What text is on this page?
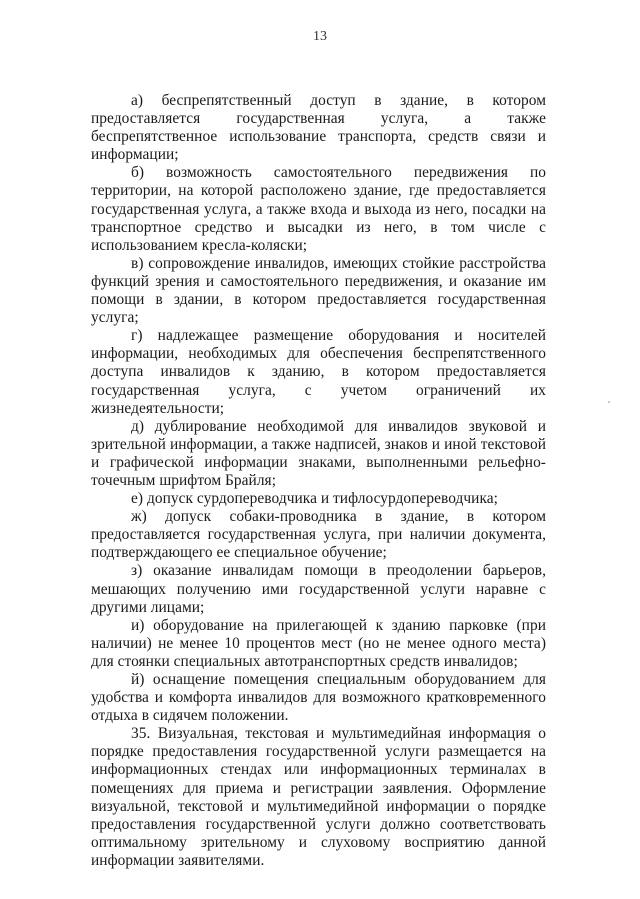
13

а) беспрепятственный доступ в здание, в котором предоставляется государственная услуга, а также беспрепятственное использование транспорта, средств связи и информации;

б) возможность самостоятельного передвижения по территории, на которой расположено здание, где предоставляется государственная услуга, а также входа и выхода из него, посадки на транспортное средство и высадки из него, в том числе с использованием кресла-коляски;

в) сопровождение инвалидов, имеющих стойкие расстройства функций зрения и самостоятельного передвижения, и оказание им помощи в здании, в котором предоставляется государственная услуга;

г) надлежащее размещение оборудования и носителей информации, необходимых для обеспечения беспрепятственного доступа инвалидов к зданию, в котором предоставляется государственная услуга, с учетом ограничений их жизнедеятельности;

д) дублирование необходимой для инвалидов звуковой и зрительной информации, а также надписей, знаков и иной текстовой и графической информации знаками, выполненными рельефно-точечным шрифтом Брайля;

е) допуск сурдопереводчика и тифлосурдопереводчика;

ж) допуск собаки-проводника в здание, в котором предоставляется государственная услуга, при наличии документа, подтверждающего ее специальное обучение;

з) оказание инвалидам помощи в преодолении барьеров, мешающих получению ими государственной услуги наравне с другими лицами;

и) оборудование на прилегающей к зданию парковке (при наличии) не менее 10 процентов мест (но не менее одного места) для стоянки специальных автотранспортных средств инвалидов;

й) оснащение помещения специальным оборудованием для удобства и комфорта инвалидов для возможного кратковременного отдыха в сидячем положении.

35. Визуальная, текстовая и мультимедийная информация о порядке предоставления государственной услуги размещается на информационных стендах или информационных терминалах в помещениях для приема и регистрации заявления. Оформление визуальной, текстовой и мультимедийной информации о порядке предоставления государственной услуги должно соответствовать оптимальному зрительному и слуховому восприятию данной информации заявителями.
